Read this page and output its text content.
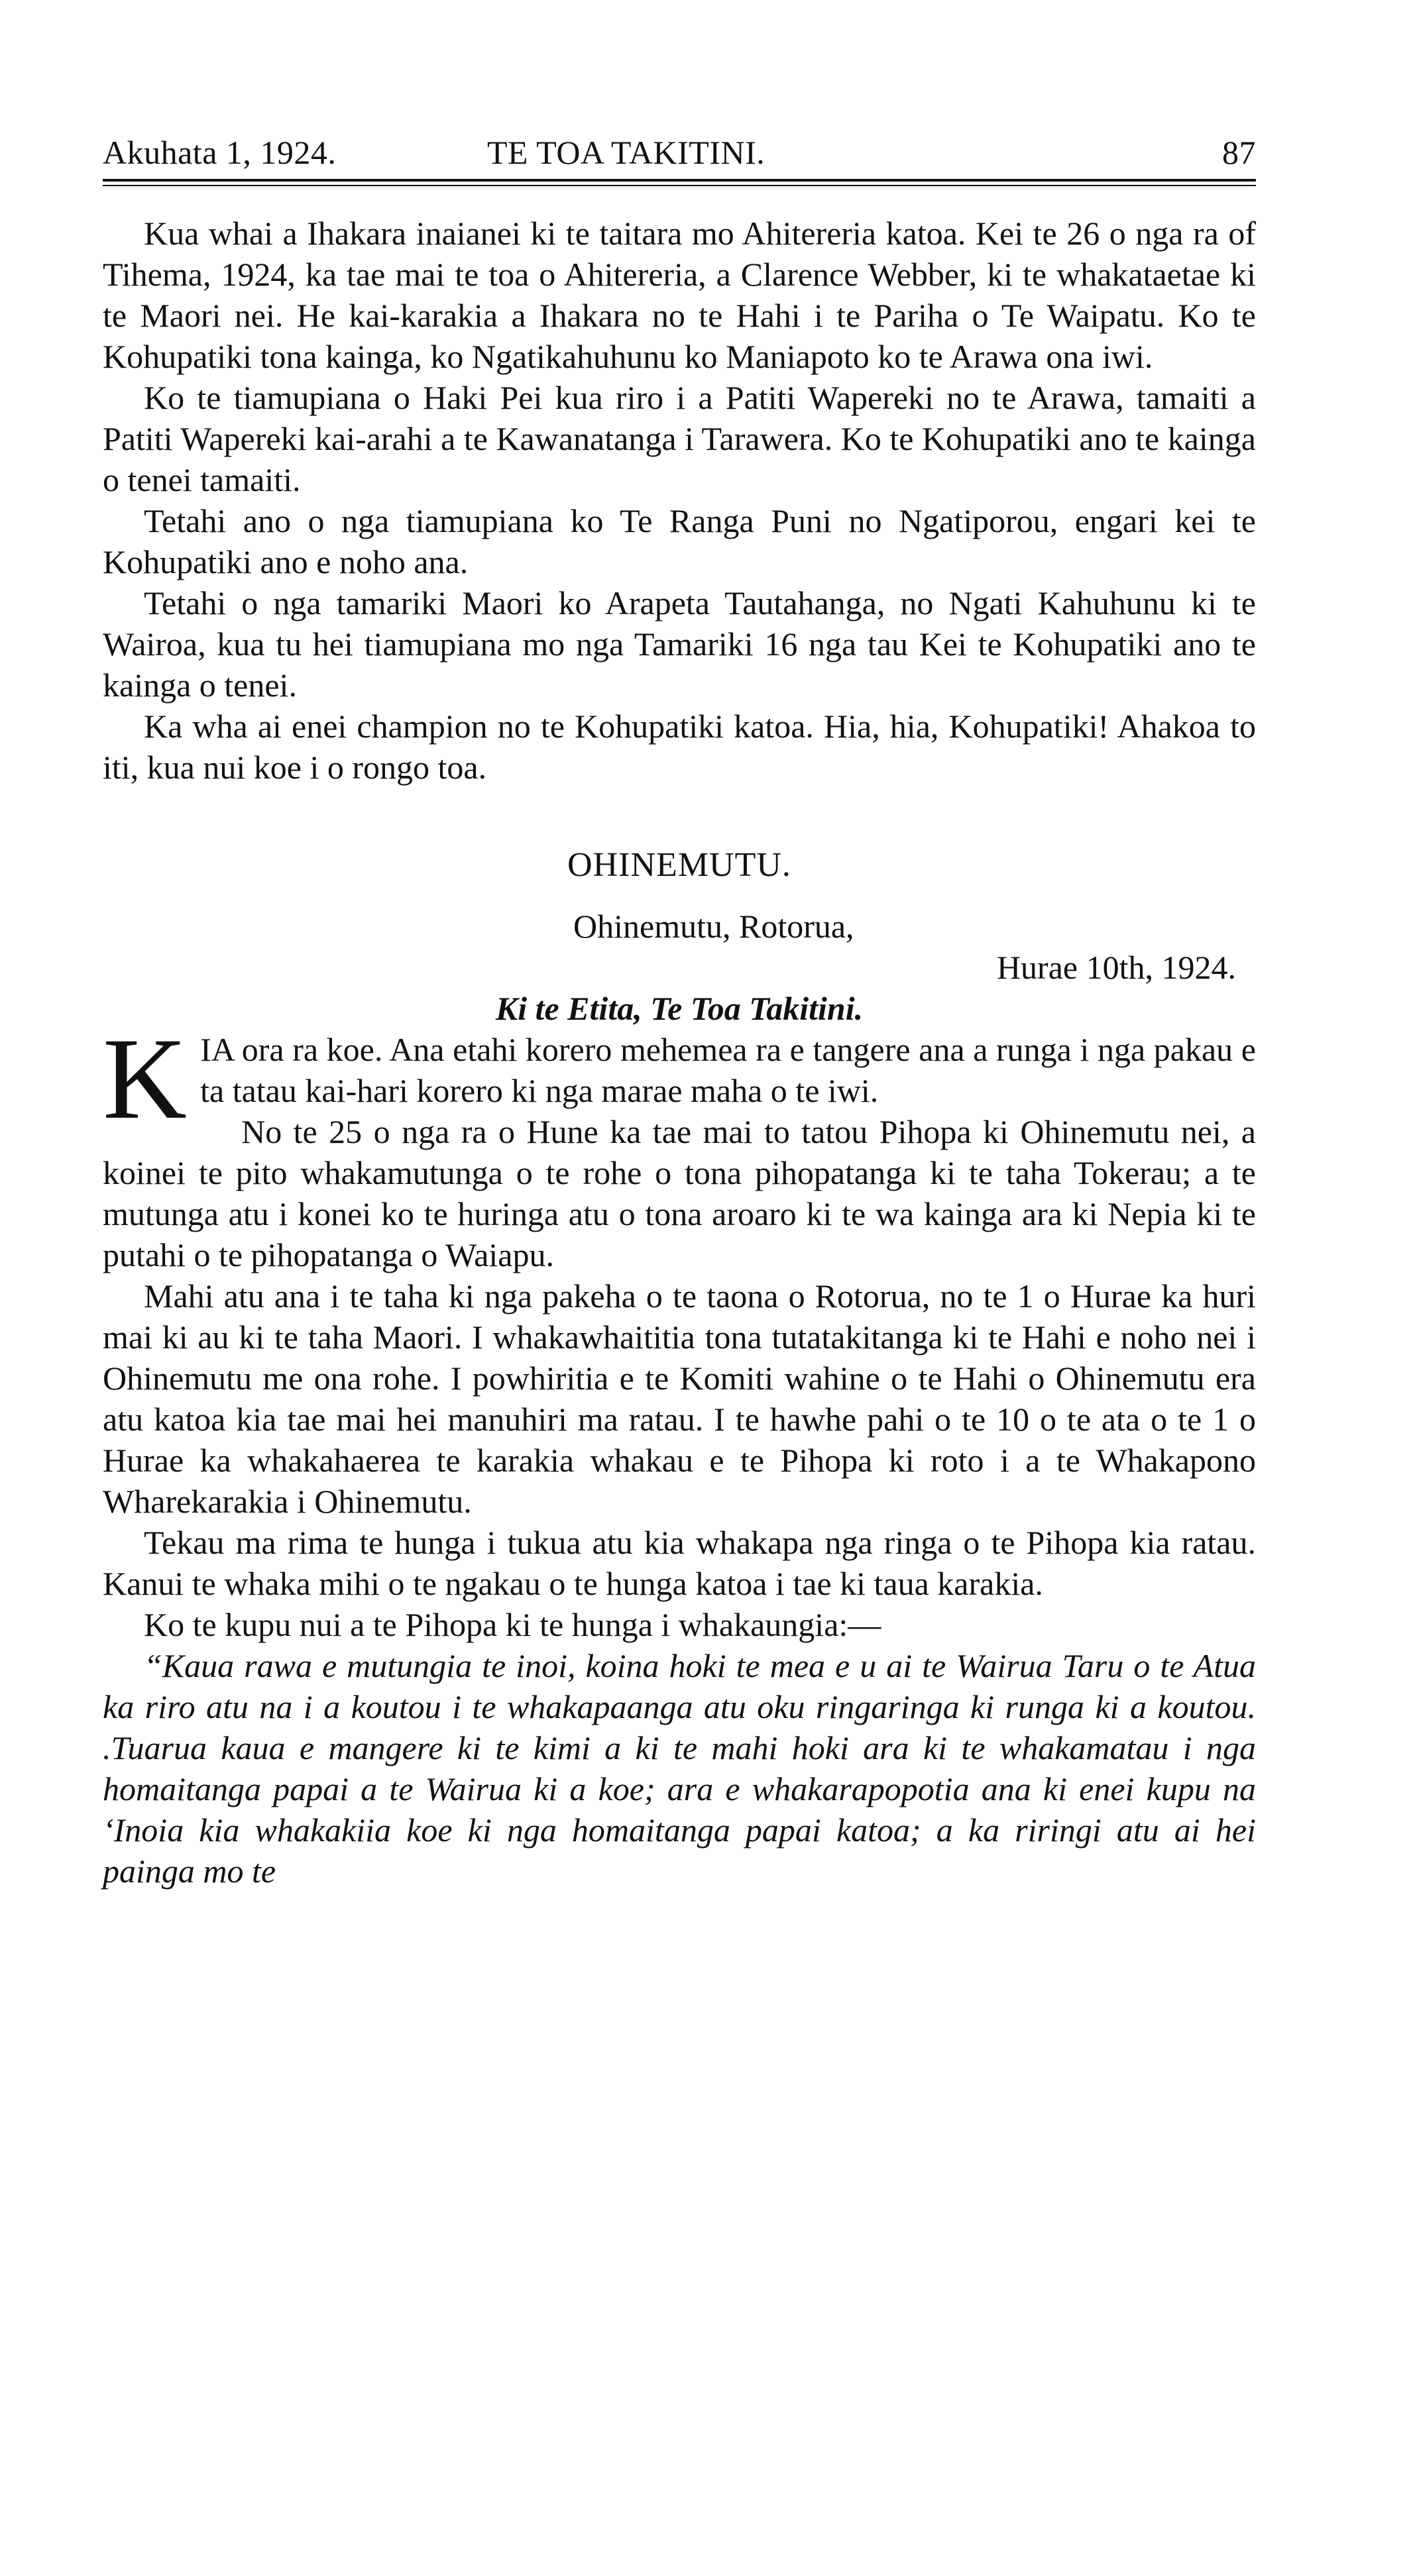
Akuhata 1, 1924.	TE TOA TAKITINI.	87

Kua whai a Ihakara inaianei ki te taitara mo Ahitereria katoa. Kei te 26 o nga ra of Tihema, 1924, ka tae mai te toa o Ahitereria, a Clarence Webber, ki te whakataetae ki te Maori nei. He kai-karakia a Ihakara no te Hahi i te Pariha o Te Waipatu. Ko te Kohupatiki tona kainga, ko Ngatikahuhunu ko Maniapoto ko te Arawa ona iwi.

Ko te tiamupiana o Haki Pei kua riro i a Patiti Wapereki no te Arawa, tamaiti a Patiti Wapereki kai-arahi a te Kawanatanga i Tarawera. Ko te Kohupatiki ano te kainga o tenei tamaiti.

Tetahi ano o nga tiamupiana ko Te Ranga Puni no Ngatiporou, engari kei te Kohupatiki ano e noho ana.

Tetahi o nga tamariki Maori ko Arapeta Tautahanga, no Ngati Kahuhunu ki te Wairoa, kua tu hei tiamupiana mo nga Tamariki 16 nga tau Kei te Kohupatiki ano te kainga o tenei.

Ka wha ai enei champion no te Kohupatiki katoa. Hia, hia, Kohupatiki! Ahakoa to iti, kua nui koe i o rongo toa.

OHINEMUTU.
Ohinemutu, Rotorua,
Hurae 10th, 1924.
Ki te Etita, Te Toa Takitini.
K IA ora ra koe. Ana etahi korero mehemea ra e tangere ana a runga i nga pakau e ta tatau kai-hari korero ki nga marae maha o te iwi.

No te 25 o nga ra o Hune ka tae mai to tatou Pihopa ki Ohinemutu nei, a koinei te pito whakamutunga o te rohe o tona pihopatanga ki te taha Tokerau; a te mutunga atu i konei ko te huringa atu o tona aroaro ki te wa kainga ara ki Nepia ki te putahi o te pihopatanga o Waiapu.

Mahi atu ana i te taha ki nga pakeha o te taona o Rotorua, no te 1 o Hurae ka huri mai ki au ki te taha Maori. I whakawhaititia tona tutatakitanga ki te Hahi e noho nei i Ohinemutu me ona rohe. I powhiritia e te Komiti wahine o te Hahi o Ohinemutu era atu katoa kia tae mai hei manuhiri ma ratau. I te hawhe pahi o te 10 o te ata o te 1 o Hurae ka whakahaerea te karakia whakau e te Pihopa ki roto i a te Whakapono Wharekarakia i Ohinemutu.

Tekau ma rima te hunga i tukua atu kia whakapa nga ringa o te Pihopa kia ratau. Kanui te whaka mihi o te ngakau o te hunga katoa i tae ki taua karakia.

Ko te kupu nui a te Pihopa ki te hunga i whakaungia:—

“Kaua rawa e mutungia te inoi, koina hoki te mea e u ai te Wairua Taru o te Atua ka riro atu na i a koutou i te whakapaanga atu oku ringaringa ki runga ki a koutou. .Tuarua kaua e mangere ki te kimi a ki te mahi hoki ara ki te whakamatau i nga homaitanga papai a te Wairua ki a koe; ara e whakarapopotia ana ki enei kupu na ‘Inoia kia whakakiia koe ki nga homaitanga papai katoa; a ka riringi atu ai hei painga mo te
